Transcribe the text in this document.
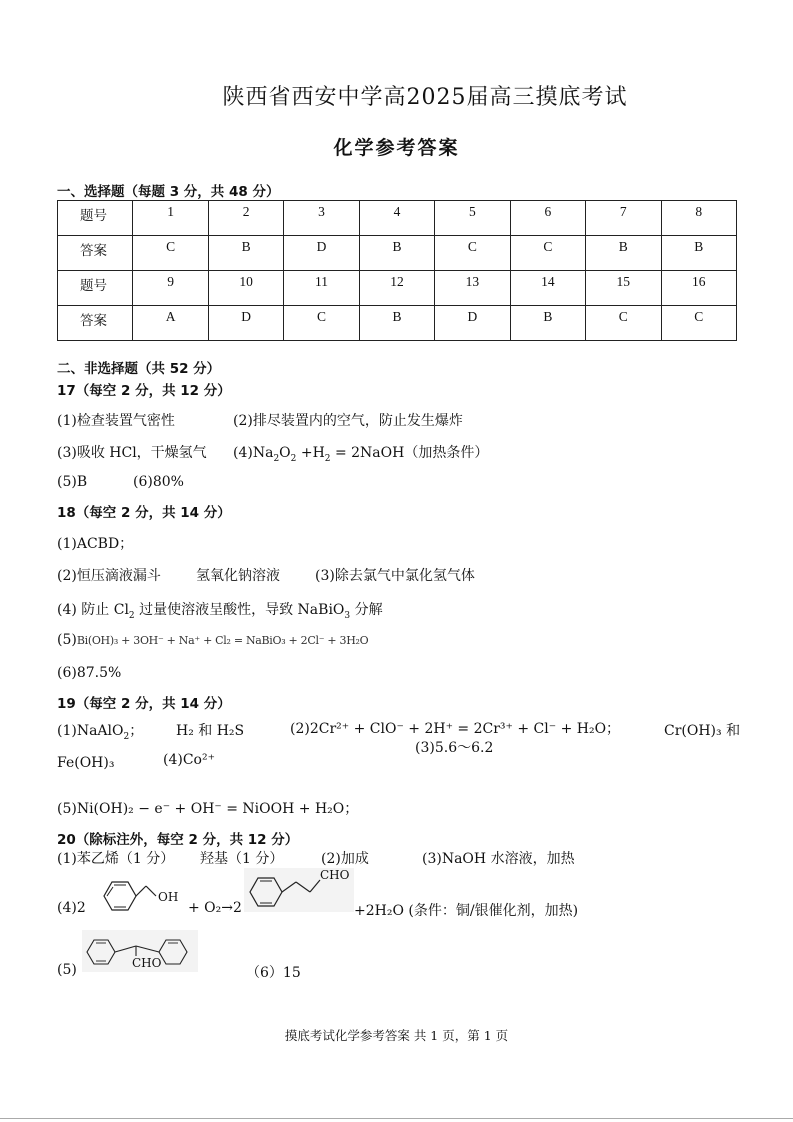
陕西省西安中学高2025届高三摸底考试
化学参考答案
一、选择题（每题 3 分，共 48 分）
题号	1	2	3	4	5	6	7	8
答案	C	B	D	B	C	C	B	B
题号	9	10	11	12	13	14	15	16
答案	A	D	C	B	D	B	C	C
二、非选择题（共 52 分）
17（每空 2 分，共 12 分）
(1)检查装置气密性	(2)排尽装置内的空气，防止发生爆炸
(3)吸收 HCl，干燥氢气 $(4)Na_2O_2 +H_2$ = 2NaOH（加热条件）
(5)B	(6)80%
18（每空 2 分，共 14 分）
(1)ACBD；
(2)恒压滴液漏斗	氢氧化钠溶液	(3)除去氯气中氯化氢气体
(4) 防止 $Cl_2$ 过量使溶液呈酸性，导致 NaBiO$_3$ 分解
(5)Bi(OH)₃ + 3OH⁻ + Na⁺ + Cl₂ = NaBiO₃ + 2Cl⁻ + 3H₂O
(6)87.5%
19（每空 2 分，共 14 分）
(1)NaAlO$_2$； H₂ 和 H₂S	(2)2Cr²⁺ + ClO⁻ + 2H⁺ = 2Cr³⁺ + Cl⁻ + H₂O；	Cr(OH)₃ 和
(3)5.6～6.2
Fe(OH)₃	(4)Co²⁺
(5)Ni(OH)₂ − e⁻ + OH⁻ = NiOOH + H₂O；
20（除标注外，每空 2 分，共 12 分）
(1)苯乙烯（1 分） 羟基（1 分）	(2)加成	(3)NaOH 水溶液，加热
(4)2
OH
+ O₂→2
CHO
+2H₂O (条件：铜/银催化剂，加热)
(5)	CHO
（6）15
摸底考试化学参考答案 共 1 页，第 1 页
